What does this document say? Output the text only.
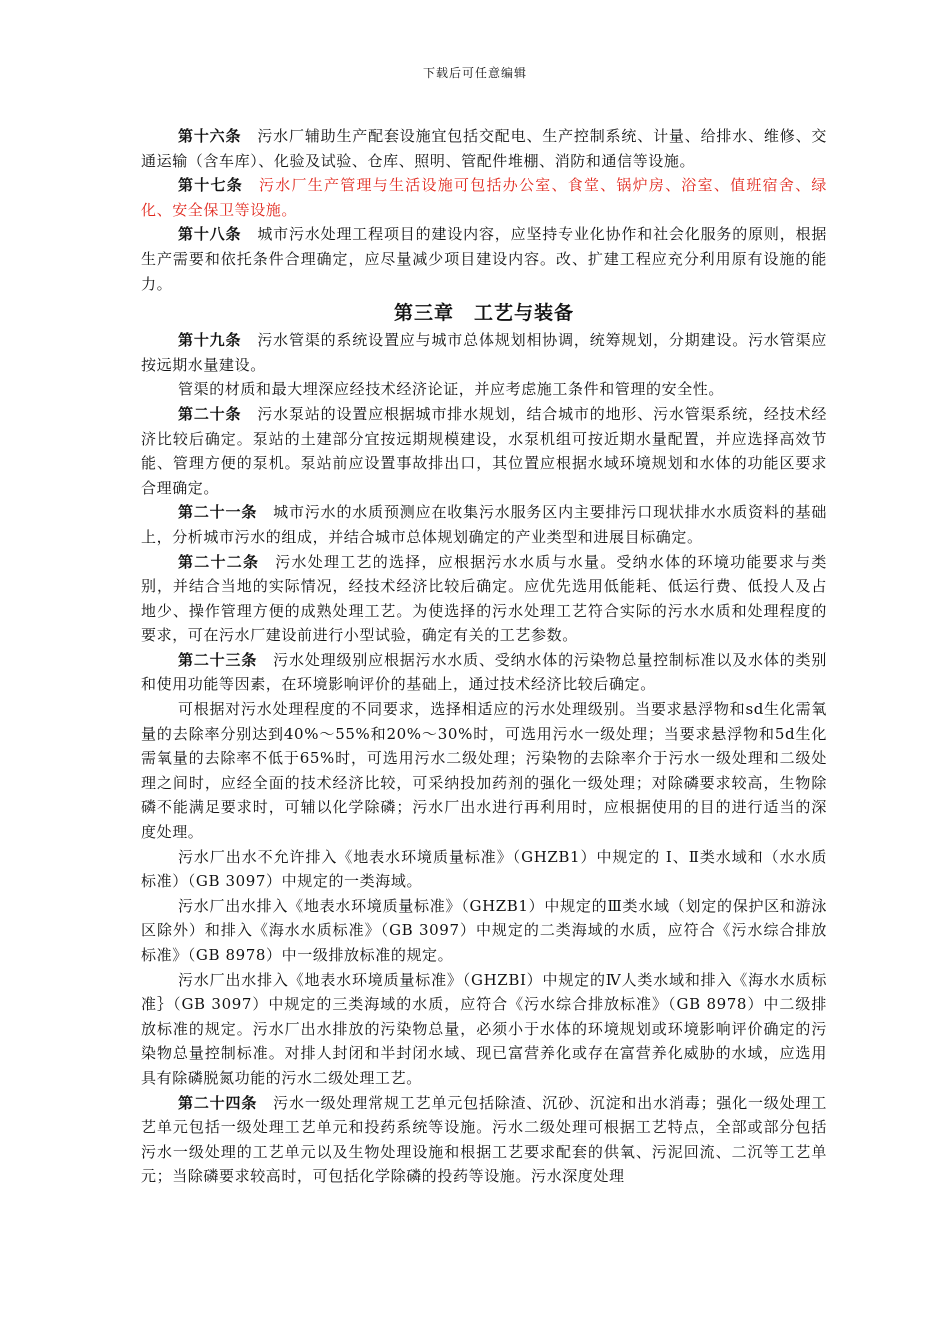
下载后可任意编辑

第十六条 污水厂辅助生产配套设施宜包括交配电、生产控制系统、计量、给排水、维修、交通运输（含车库）、化验及试验、仓库、照明、管配件堆棚、消防和通信等设施。

第十七条 污水厂生产管理与生活设施可包括办公室、食堂、锅炉房、浴室、值班宿舍、绿化、安全保卫等设施。

第十八条 城市污水处理工程项目的建设内容，应坚持专业化协作和社会化服务的原则，根据生产需要和依托条件合理确定，应尽量减少项目建设内容。改、扩建工程应充分利用原有设施的能力。

第三章　工艺与装备

第十九条 污水管渠的系统设置应与城市总体规划相协调，统筹规划，分期建设。污水管渠应按远期水量建设。

管渠的材质和最大埋深应经技术经济论证，并应考虑施工条件和管理的安全性。

第二十条 污水泵站的设置应根据城市排水规划，结合城市的地形、污水管渠系统，经技术经济比较后确定。泵站的土建部分宜按远期规模建设，水泵机组可按近期水量配置，并应选择高效节能、管理方便的泵机。泵站前应设置事故排出口，其位置应根据水域环境规划和水体的功能区要求合理确定。

第二十一条 城市污水的水质预测应在收集污水服务区内主要排污口现状排水水质资料的基础上，分析城市污水的组成，并结合城市总体规划确定的产业类型和进展目标确定。

第二十二条 污水处理工艺的选择，应根据污水水质与水量。受纳水体的环境功能要求与类别，并结合当地的实际情况，经技术经济比较后确定。应优先选用低能耗、低运行费、低投人及占地少、操作管理方便的成熟处理工艺。为使选择的污水处理工艺符合实际的污水水质和处理程度的要求，可在污水厂建设前进行小型试验，确定有关的工艺参数。

第二十三条 污水处理级别应根据污水水质、受纳水体的污染物总量控制标准以及水体的类别和使用功能等因素，在环境影响评价的基础上，通过技术经济比较后确定。

可根据对污水处理程度的不同要求，选择相适应的污水处理级别。当要求悬浮物和sd生化需氧量的去除率分别达到40%～55%和20%～30%时，可选用污水一级处理；当要求悬浮物和5d生化需氧量的去除率不低于65%时，可选用污水二级处理；污染物的去除率介于污水一级处理和二级处理之间时，应经全面的技术经济比较，可采纳投加药剂的强化一级处理；对除磷要求较高，生物除磷不能满足要求时，可辅以化学除磷；污水厂出水进行再利用时，应根据使用的目的进行适当的深度处理。

污水厂出水不允许排入《地表水环境质量标准》（GHZB1）中规定的 I、Ⅱ类水域和（水水质标准）（GB 3097）中规定的一类海域。

污水厂出水排入《地表水环境质量标准》（GHZB1）中规定的Ⅲ类水域（划定的保护区和游泳区除外）和排入《海水水质标准》（GB 3097）中规定的二类海域的水质，应符合《污水综合排放标准》（GB 8978）中一级排放标准的规定。

污水厂出水排入《地表水环境质量标准》（GHZBI）中规定的Ⅳ人类水域和排入《海水水质标准｝（GB 3097）中规定的三类海域的水质，应符合《污水综合排放标准》（GB 8978）中二级排放标准的规定。污水厂出水排放的污染物总量，必须小于水体的环境规划或环境影响评价确定的污染物总量控制标准。对排人封闭和半封闭水域、现已富营养化或存在富营养化威胁的水域，应选用具有除磷脱氮功能的污水二级处理工艺。

第二十四条 污水一级处理常规工艺单元包括除渣、沉砂、沉淀和出水消毒；强化一级处理工艺单元包括一级处理工艺单元和投药系统等设施。污水二级处理可根据工艺特点，全部或部分包括污水一级处理的工艺单元以及生物处理设施和根据工艺要求配套的供氧、污泥回流、二沉等工艺单元；当除磷要求较高时，可包括化学除磷的投药等设施。污水深度处理
